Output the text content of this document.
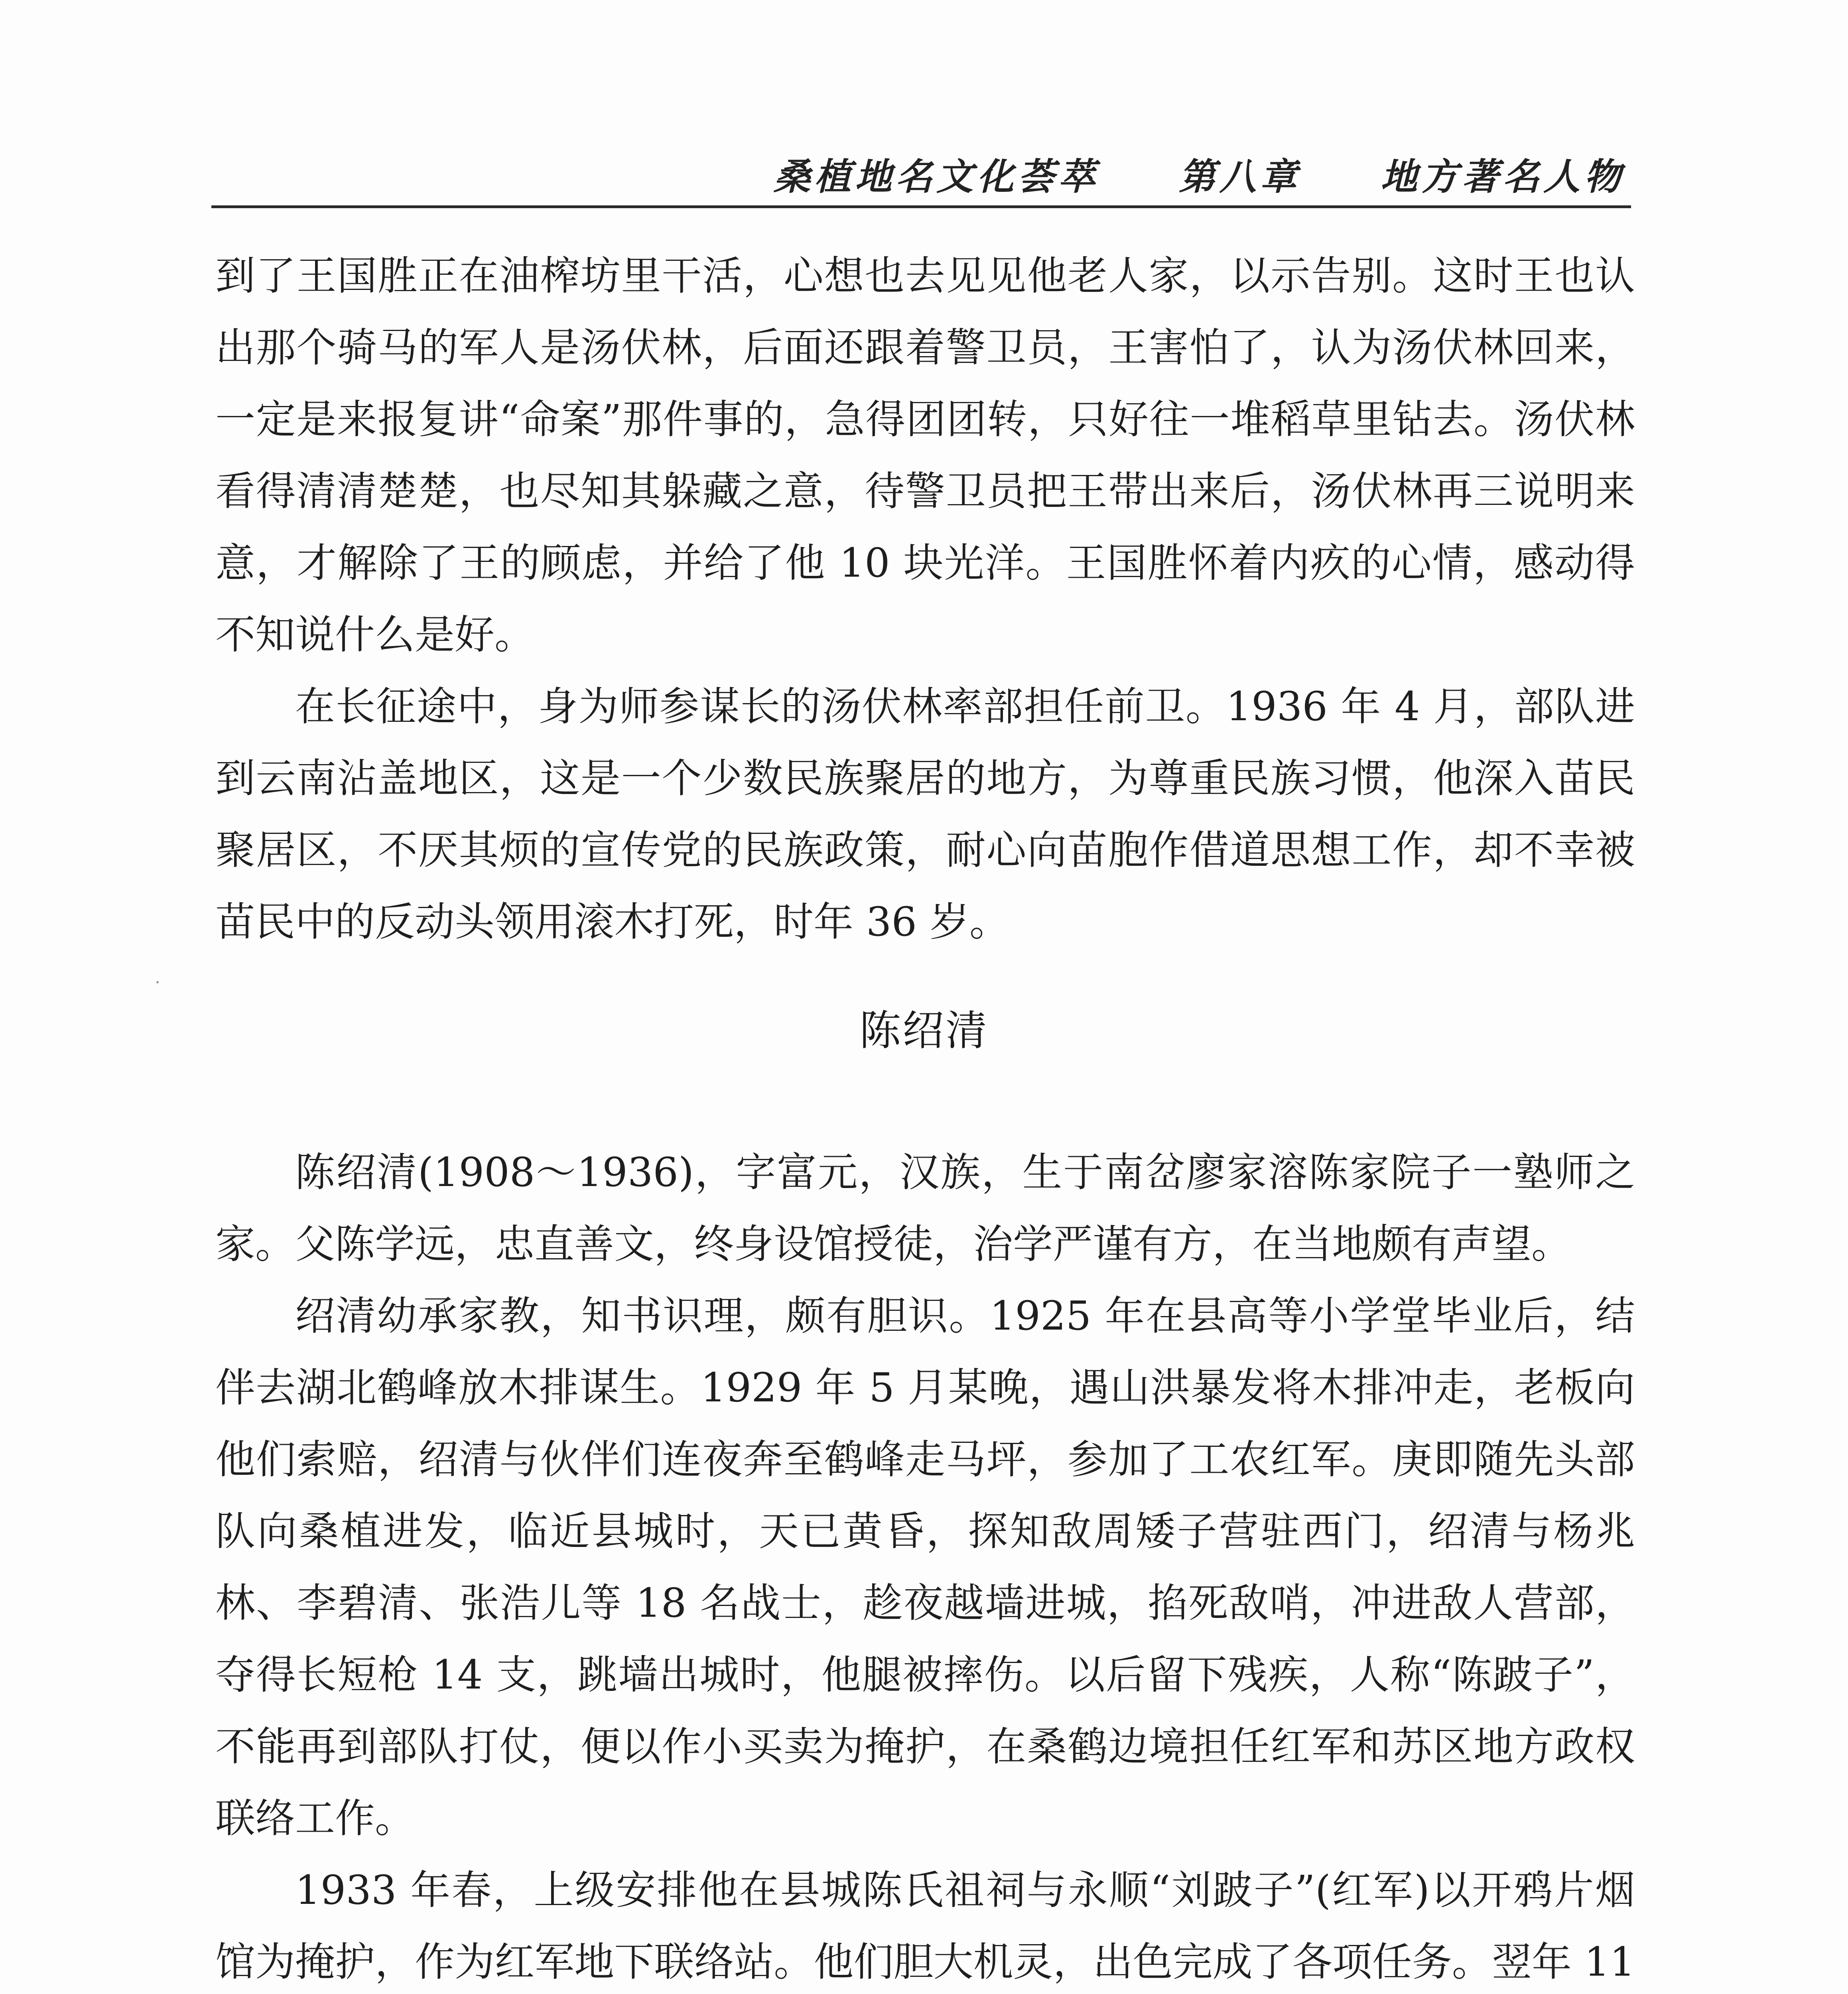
桑植地名文化荟萃 第八章 地方著名人物

到了王国胜正在油榨坊里干活，心想也去见见他老人家，以示告别。这时王也认出那个骑马的军人是汤伏林，后面还跟着警卫员，王害怕了，认为汤伏林回来，一定是来报复讲“命案”那件事的，急得团团转，只好往一堆稻草里钻去。汤伏林看得清清楚楚，也尽知其躲藏之意，待警卫员把王带出来后，汤伏林再三说明来意，才解除了王的顾虑，并给了他 10 块光洋。王国胜怀着内疚的心情，感动得不知说什么是好。

在长征途中，身为师参谋长的汤伏林率部担任前卫。1936 年 4 月，部队进到云南沾盖地区，这是一个少数民族聚居的地方，为尊重民族习惯，他深入苗民聚居区，不厌其烦的宣传党的民族政策，耐心向苗胞作借道思想工作，却不幸被苗民中的反动头领用滚木打死，时年 36 岁。

陈绍清

陈绍清(1908～1936)，字富元，汉族，生于南岔廖家溶陈家院子一塾师之家。父陈学远，忠直善文，终身设馆授徒，治学严谨有方，在当地颇有声望。

绍清幼承家教，知书识理，颇有胆识。1925 年在县高等小学堂毕业后，结伴去湖北鹤峰放木排谋生。1929 年 5 月某晚，遇山洪暴发将木排冲走，老板向他们索赔，绍清与伙伴们连夜奔至鹤峰走马坪，参加了工农红军。庚即随先头部队向桑植进发，临近县城时，天已黄昏，探知敌周矮子营驻西门，绍清与杨兆林、李碧清、张浩儿等 18 名战士，趁夜越墙进城，掐死敌哨，冲进敌人营部，夺得长短枪 14 支，跳墙出城时，他腿被摔伤。以后留下残疾，人称“陈跛子”，不能再到部队打仗，便以作小买卖为掩护，在桑鹤边境担任红军和苏区地方政权联络工作。

1933 年春，上级安排他在县城陈氏祖祠与永顺“刘跛子”(红军)以开鸦片烟馆为掩护，作为红军地下联络站。他们胆大机灵，出色完成了各项任务。翌年 11
